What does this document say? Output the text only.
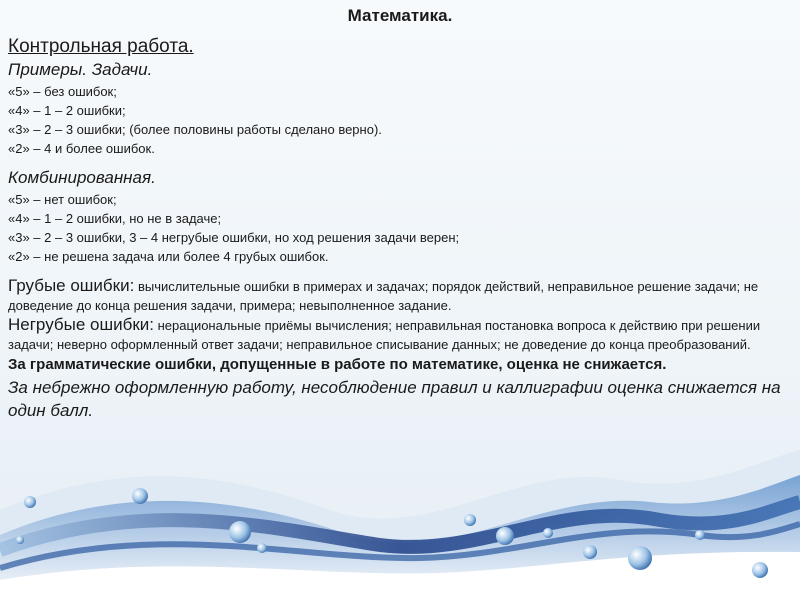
Математика.
Контрольная работа.
Примеры. Задачи.

«5» – без ошибок;

«4» – 1 – 2 ошибки;

«3» – 2 – 3 ошибки; (более половины работы сделано верно).

«2» – 4 и более ошибок.

Комбинированная.

«5» – нет ошибок;

«4» – 1 – 2 ошибки, но не в задаче;

«3» – 2 – 3 ошибки, 3 – 4 негрубые ошибки, но ход решения задачи верен;

«2» – не решена задача или более 4 грубых ошибок.

Грубые ошибки: вычислительные ошибки в примерах и задачах; порядок действий, неправильное решение задачи; не доведение до конца решения задачи, примера; невыполненное задание.

Негрубые ошибки: нерациональные приёмы вычисления; неправильная постановка вопроса к действию при решении задачи; неверно оформленный ответ задачи; неправильное списывание данных; не доведение до конца преобразований.

За грамматические ошибки, допущенные в работе по математике, оценка не снижается.

За небрежно оформленную работу, несоблюдение правил и каллиграфии оценка снижается на один балл.

fppt.com
